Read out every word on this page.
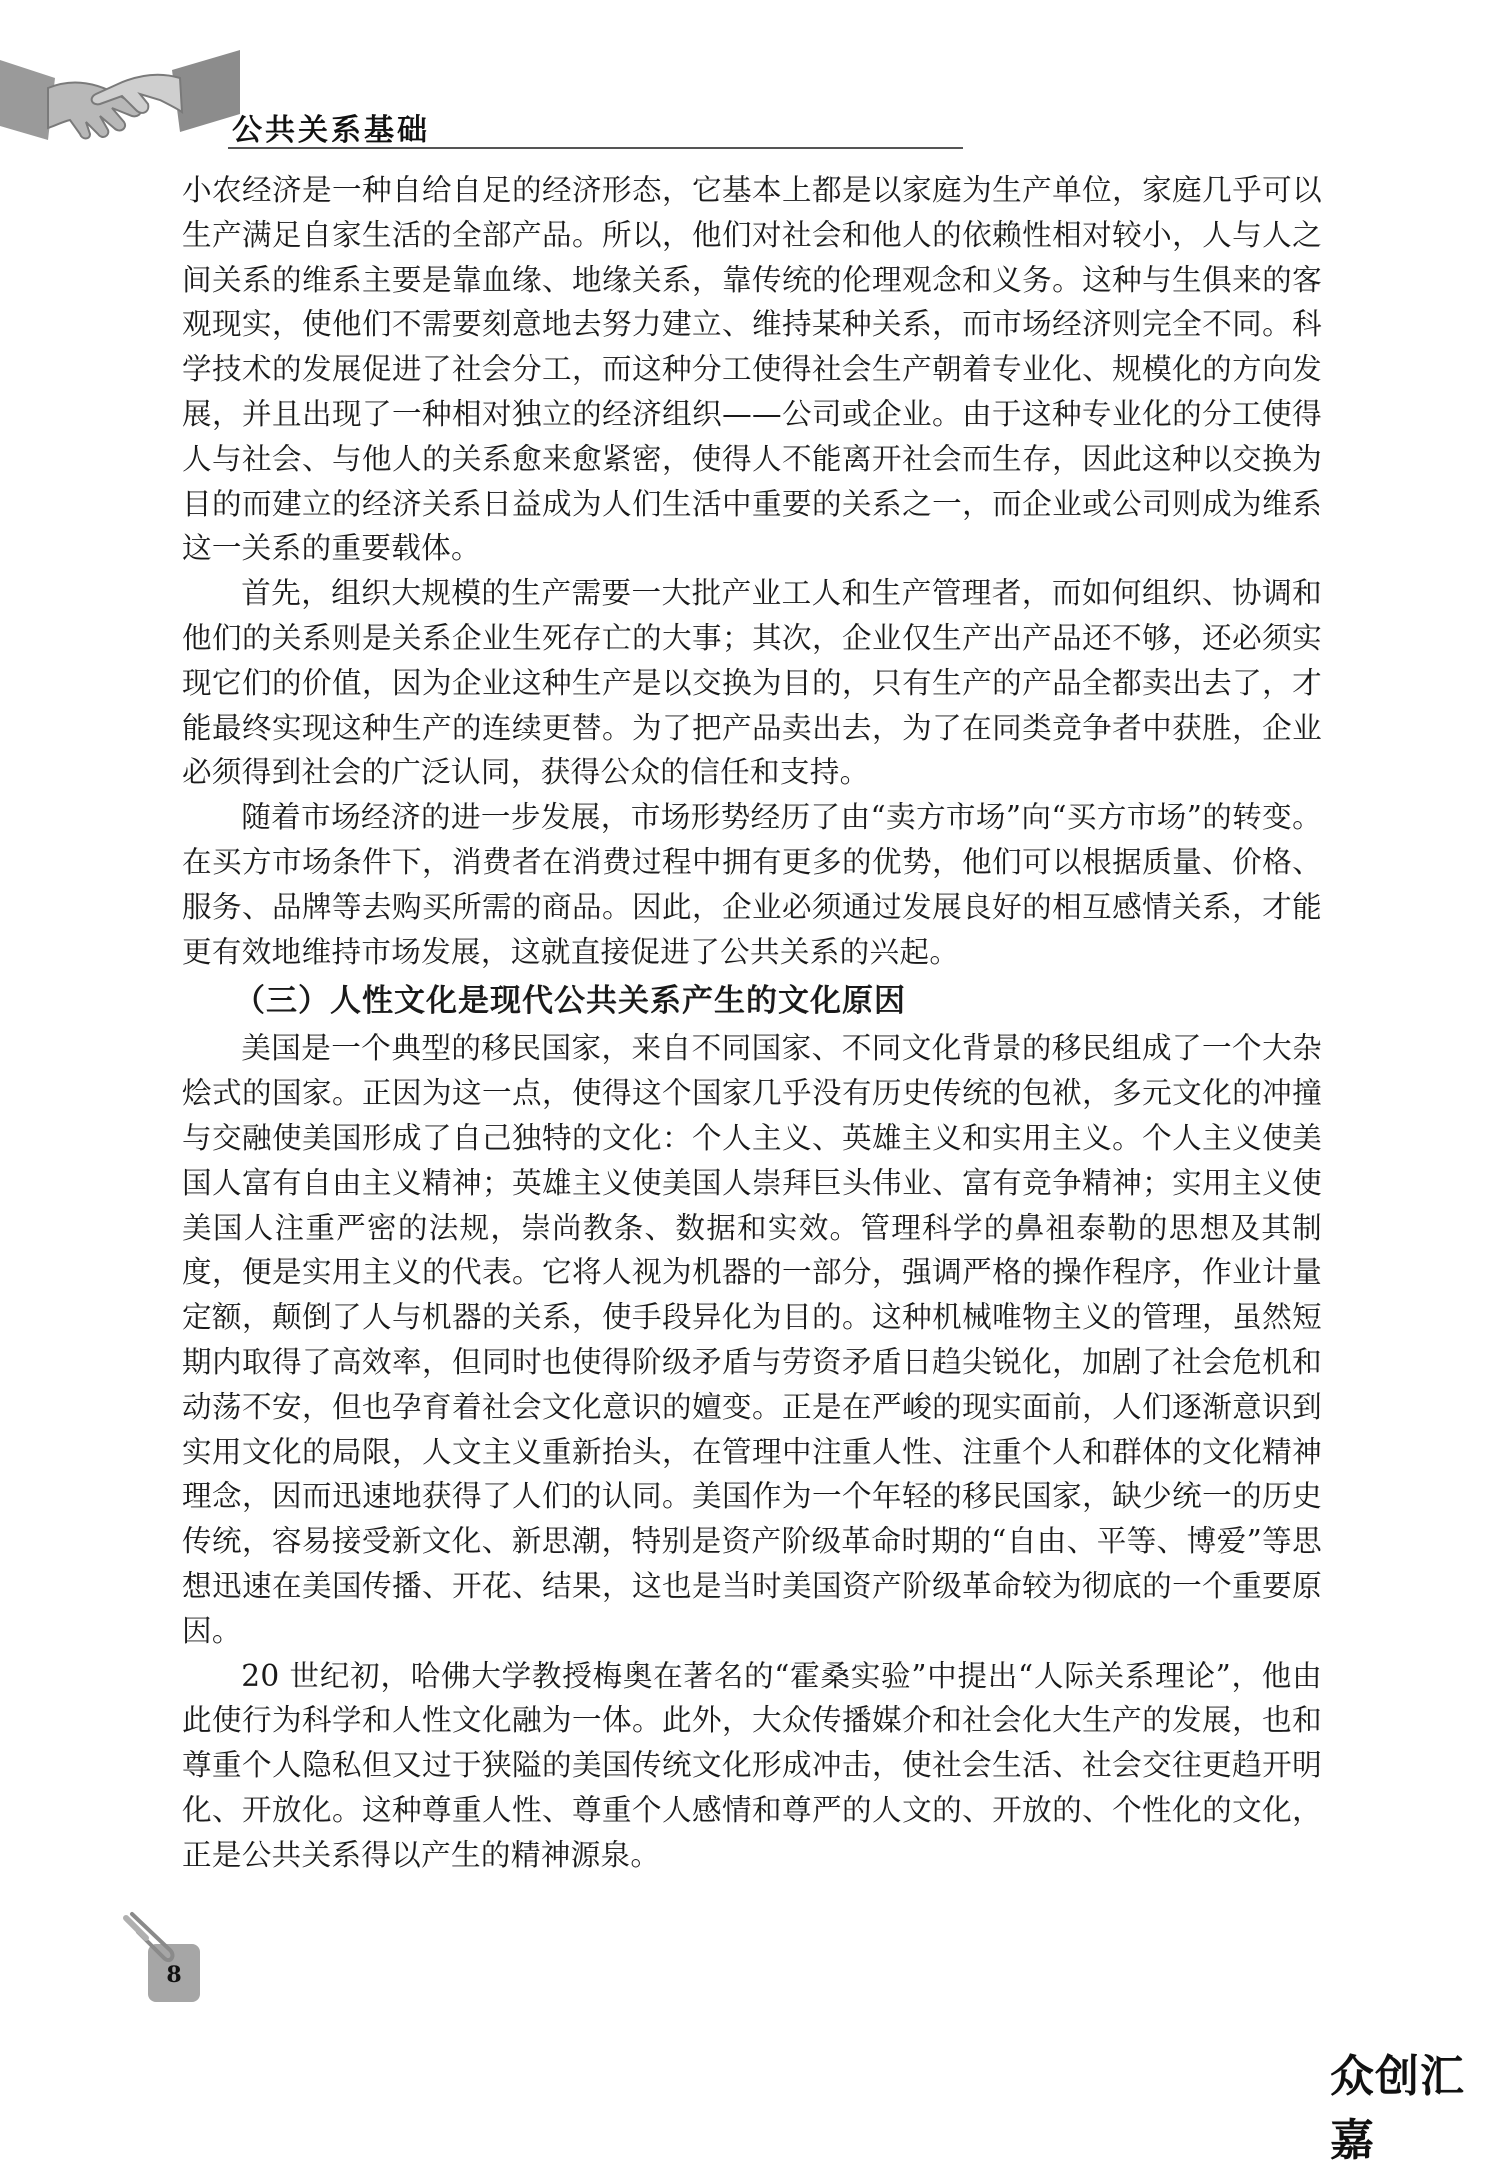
公共关系基础

小农经济是一种自给自足的经济形态，它基本上都是以家庭为生产单位，家庭几乎可以生产满足自家生活的全部产品。所以，他们对社会和他人的依赖性相对较小，人与人之间关系的维系主要是靠血缘、地缘关系，靠传统的伦理观念和义务。这种与生俱来的客观现实，使他们不需要刻意地去努力建立、维持某种关系，而市场经济则完全不同。科学技术的发展促进了社会分工，而这种分工使得社会生产朝着专业化、规模化的方向发展，并且出现了一种相对独立的经济组织——公司或企业。由于这种专业化的分工使得人与社会、与他人的关系愈来愈紧密，使得人不能离开社会而生存，因此这种以交换为目的而建立的经济关系日益成为人们生活中重要的关系之一，而企业或公司则成为维系这一关系的重要载体。

首先，组织大规模的生产需要一大批产业工人和生产管理者，而如何组织、协调和他们的关系则是关系企业生死存亡的大事；其次，企业仅生产出产品还不够，还必须实现它们的价值，因为企业这种生产是以交换为目的，只有生产的产品全都卖出去了，才能最终实现这种生产的连续更替。为了把产品卖出去，为了在同类竞争者中获胜，企业必须得到社会的广泛认同，获得公众的信任和支持。

随着市场经济的进一步发展，市场形势经历了由“卖方市场”向“买方市场”的转变。在买方市场条件下，消费者在消费过程中拥有更多的优势，他们可以根据质量、价格、服务、品牌等去购买所需的商品。因此，企业必须通过发展良好的相互感情关系，才能更有效地维持市场发展，这就直接促进了公共关系的兴起。

（三）人性文化是现代公共关系产生的文化原因

美国是一个典型的移民国家，来自不同国家、不同文化背景的移民组成了一个大杂烩式的国家。正因为这一点，使得这个国家几乎没有历史传统的包袱，多元文化的冲撞与交融使美国形成了自己独特的文化：个人主义、英雄主义和实用主义。个人主义使美国人富有自由主义精神；英雄主义使美国人崇拜巨头伟业、富有竞争精神；实用主义使美国人注重严密的法规，崇尚教条、数据和实效。管理科学的鼻祖泰勒的思想及其制度，便是实用主义的代表。它将人视为机器的一部分，强调严格的操作程序，作业计量定额，颠倒了人与机器的关系，使手段异化为目的。这种机械唯物主义的管理，虽然短期内取得了高效率，但同时也使得阶级矛盾与劳资矛盾日趋尖锐化，加剧了社会危机和动荡不安，但也孕育着社会文化意识的嬗变。正是在严峻的现实面前，人们逐渐意识到实用文化的局限，人文主义重新抬头，在管理中注重人性、注重个人和群体的文化精神理念，因而迅速地获得了人们的认同。美国作为一个年轻的移民国家，缺少统一的历史传统，容易接受新文化、新思潮，特别是资产阶级革命时期的“自由、平等、博爱”等思想迅速在美国传播、开花、结果，这也是当时美国资产阶级革命较为彻底的一个重要原因。

20 世纪初，哈佛大学教授梅奥在著名的“霍桑实验”中提出“人际关系理论”，他由此使行为科学和人性文化融为一体。此外，大众传播媒介和社会化大生产的发展，也和尊重个人隐私但又过于狭隘的美国传统文化形成冲击，使社会生活、社会交往更趋开明化、开放化。这种尊重人性、尊重个人感情和尊严的人文的、开放的、个性化的文化，正是公共关系得以产生的精神源泉。

8
众创汇嘉
